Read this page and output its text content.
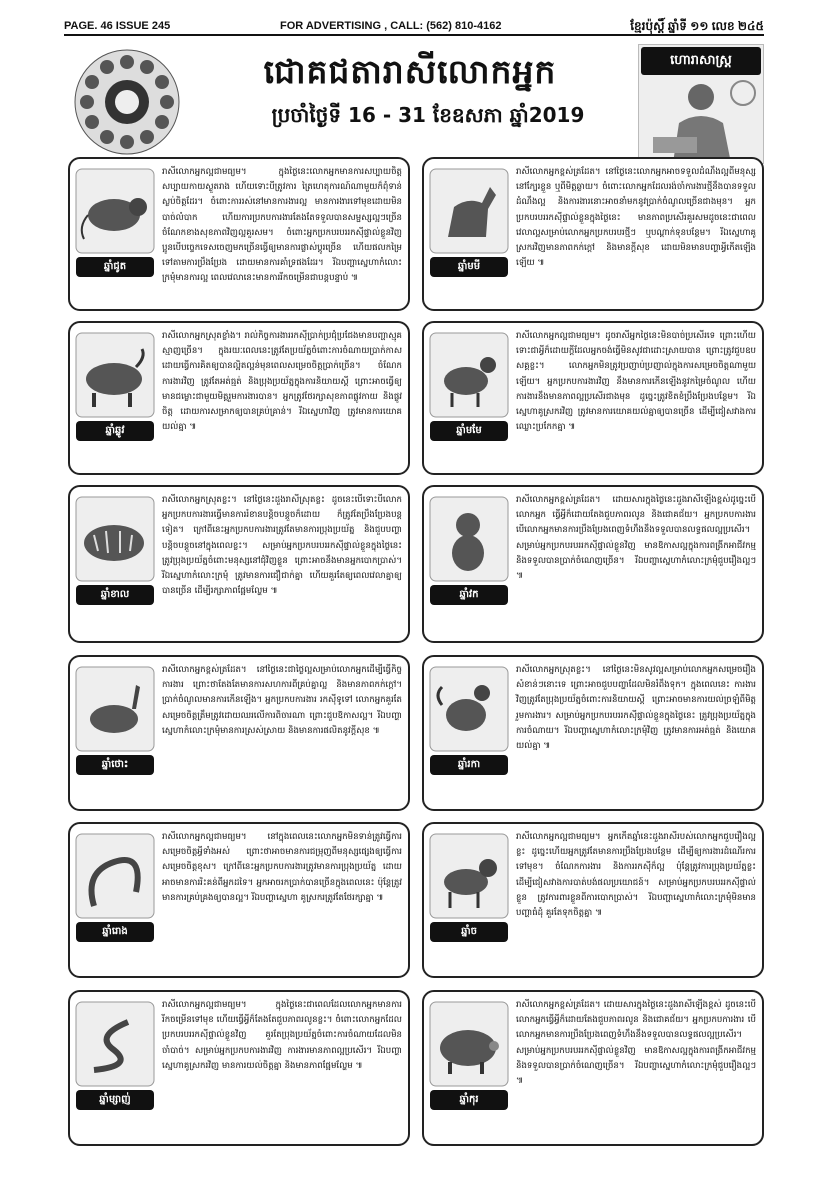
PAGE. 46 ISSUE 245	FOR ADVERTISING , CALL: (562) 810-4162	ខ្មែរប៉ុស្តិ៍ ឆ្នាំទី ១១ លេខ ២៤៥
ជោគជតារាសីលោកអ្នក
ប្រចាំថ្ងៃទី 16 - 31 ខែឧសភា ឆ្នាំ2019
ហោរាសាស្ត្រ
ឆ្នាំជូត
រាសីលោកអ្នកល្អជាមធ្យម។ ក្នុងថ្ងៃនេះលោកអ្នកមានការសប្បាយចិត្ត សប្បាយកាយស្ងួតរាង ហើយទោះបីត្រូវការ ត្រៃហេតុការណ៍ណាមួយក៏ពុំទាន់ស្ងប់ចិត្តដែរ។ ចំពោះការរស់នៅមានការងារល្អ មានការងារទៅមុខដោយមិនបាច់លំបាក ហើយការប្រកបការងារតែងតែទទួលបានសម្ផស្សល្អៗច្រើន ចំណែកខាងសុខភាពវិញល្អគួរសម។ ចំពោះអ្នកប្រកបរបររកស៊ីផ្ទាល់ខ្លួនវិញ ប្អូនបើបច្ចេកទេសចេញមកច្រើនធ្វើឲ្យមានការផ្លាស់ប្តូរច្រើន ហើយផលកម្រៃទៅតាមការប្រឹងប្រែង ដោយមានការគាំទ្រផងដែរ។ រីឯបញ្ហាស្នេហាកំលោះក្រមុំមានការល្អ ពេលវេលានេះមានការរីកចម្រើនជាបន្តបន្ទាប់ ៕
ឆ្នាំមមី
រាសីលោកអ្នកខ្ពស់ត្រដែត។ នៅថ្ងៃនេះលោកអ្នកអាចទទួលដំណឹងល្អពីមនុស្សនៅក្បែរខ្លួន ឬពីមិត្តឆ្ងាយ។ ចំពោះលោកអ្នកដែលរង់ចាំការងារថ្មីនឹងបានទទួលដំណឹងល្អ និងការងារនោះអាចនាំមកនូវប្រាក់ចំណូលច្រើនជាងមុន។ អ្នកប្រកបរបររកស៊ីផ្ទាល់ខ្លួនក្នុងថ្ងៃនេះ មានភាពប្រសើរគួរសមដូចនេះជាពេលវេលាល្អសម្រាប់លោកអ្នកប្រកបរបរថ្មីៗ ឬបណ្តាក់ទុនបន្ថែម។ រីឯស្នេហាគូស្រករវិញមានភាពកក់ក្តៅ និងមានក្តីសុខ ដោយមិនមានបញ្ហាអ្វីកើតឡើងឡើយ ៕
ឆ្នាំឆ្លូវ
រាសីលោកអ្នកស្រុតខ្លាំង។ រាល់កិច្ចការងាររកស៊ីប្រាក់ប្រជុំប្រជែងមានបញ្ហាស្មុគស្មាញច្រើន។ ក្នុងរយៈពេលនេះត្រូវតែប្រយ័ត្នចំពោះការចំណាយប្រាក់កាស ដោយធ្វើការគិតឲ្យបានល្អិតល្អន់មុនពេលសម្រេចចិត្តប្រាក់ច្រើន។ ចំណែកការងារវិញ ត្រូវតែអត់ធ្មត់ និងប្រុងប្រយ័ត្នក្នុងការនិយាយស្តី ព្រោះអាចធ្វើឲ្យមានជម្លោះជាមួយមិត្តរួមការងារបាន។ អ្នកត្រូវថែរក្សាសុខភាពផ្លូវកាយ និងផ្លូវចិត្ត ដោយការសម្រាកឲ្យបានគ្រប់គ្រាន់។ រីឯស្នេហាវិញ ត្រូវមានការយោគយល់គ្នា ៕	ឆ្នាំមមែ
រាសីលោកអ្នកល្អជាមធ្យម។ ដូចរាសីអ្នកថ្ងៃនេះមិនបាច់ប្រសើរទេ ព្រោះហើយទោះជាអ្វីក៏ដោយក្តីដែលអ្នកចង់ធ្វើមិនសូវជាដោះស្រាយបាន ព្រោះត្រូវជួបឧបសគ្គខ្លះ។ លោកអ្នកមិនត្រូវប្រញាប់ប្រញាល់ក្នុងការសម្រេចចិត្តណាមួយឡើយ។ អ្នកប្រកបការងារវិញ នឹងមានការកើនឡើងនូវកម្រៃចំណូល ហើយការងារនឹងមានភាពល្អប្រសើរជាងមុន ដូច្នេះត្រូវខិតខំប្រឹងប្រែងបន្ថែម។ រីឯស្នេហាគូស្រករវិញ ត្រូវមានការយោគយល់គ្នាឲ្យបានច្រើន ដើម្បីជៀសវាងការឈ្លោះប្រកែកគ្នា ៕
ឆ្នាំខាល
រាសីលោកអ្នកស្រុតខ្លះ។ នៅថ្ងៃនេះដួងរាសីស្រុតខ្លះ ដូចនេះបើទោះបីលោកអ្នកប្រកបការងារធ្វើមានការរំខានបន្តិចបន្តួចក៏ដោយ ក៏ត្រូវតែប្រឹងប្រែងបន្តទៀត។ ក្រៅពីនេះអ្នកប្រកបការងារត្រូវតែមានការប្រុងប្រយ័ត្ន និងជួបបញ្ហាបន្តិចបន្តួចនៅក្នុងពេលខ្លះ។ សម្រាប់អ្នកប្រកបរបររកស៊ីផ្ទាល់ខ្លួនក្នុងថ្ងៃនេះ ត្រូវប្រុងប្រយ័ត្នចំពោះមនុស្សនៅជុំវិញខ្លួន ព្រោះអាចនឹងមានអ្នកបោកប្រាស់។ រីឯស្នេហាកំលោះក្រមុំ ត្រូវមានការជឿជាក់គ្នា ហើយគួរតែឲ្យពេលវេលាគ្នាឲ្យបានច្រើន ដើម្បីរក្សាភាពផ្អែមល្ហែម ៕	ឆ្នាំវក
រាសីលោកអ្នកខ្ពស់ត្រដែត។ ដោយសារក្នុងថ្ងៃនេះដួងរាសីឡើងខ្ពស់ដូច្នេះបើលោកអ្នក ធ្វើអ្វីក៏ដោយតែងជួបភាពរលូន និងជោគជ័យ។ អ្នកប្រកបការងារ បើលោកអ្នកមានការប្រឹងប្រែងពេញទំហឹងនឹងទទួលបានលទ្ធផលល្អប្រសើរ។ សម្រាប់អ្នកប្រកបរបររកស៊ីផ្ទាល់ខ្លួនវិញ មានឱកាសល្អក្នុងការពង្រីកអាជីវកម្ម និងទទួលបានប្រាក់ចំណេញច្រើន។ រីឯបញ្ហាស្នេហាកំលោះក្រមុំជួបរឿងល្អៗ ៕
ឆ្នាំថោះ
រាសីលោកអ្នកខ្ពស់ត្រដែត។ នៅថ្ងៃនេះជាថ្ងៃល្អសម្រាប់លោកអ្នកដើម្បីធ្វើកិច្ចការងារ ព្រោះថាតែងតែមានការសហការពីគ្រប់គ្នាល្អ និងមានភាពកក់ក្តៅ។ ប្រាក់ចំណូលមានការកើនឡើង។ អ្នកប្រកបការងារ រកស៊ីទូទៅ លោកអ្នកគួរតែសម្រេចចិត្តត្រឹមត្រូវដោយឈរលើការពិចារណា ព្រោះជួបឱកាសល្អ។ រីឯបញ្ហាស្នេហាកំលោះក្រមុំមានការស្រស់ស្រាយ និងមានការផលិតនូវក្តីសុខ ៕
ឆ្នាំរកា
រាសីលោកអ្នកស្រុតខ្លះ។ នៅថ្ងៃនេះមិនសូវល្អសម្រាប់លោកអ្នកសម្រេចរឿងសំខាន់ៗនោះទេ ព្រោះអាចជួបបញ្ហាដែលមិនរំពឹងទុក។ ក្នុងពេលនេះ ការងារវិញត្រូវតែប្រុងប្រយ័ត្នចំពោះការនិយាយស្តី ព្រោះអាចមានការយល់ច្រឡំពីមិត្តរួមការងារ។ សម្រាប់អ្នកប្រកបរបររកស៊ីផ្ទាល់ខ្លួនក្នុងថ្ងៃនេះ ត្រូវប្រុងប្រយ័ត្នក្នុងការចំណាយ។ រីឯបញ្ហាស្នេហាកំលោះក្រមុំវិញ ត្រូវមានការអត់ធ្មត់ និងយោគយល់គ្នា ៕
ឆ្នាំរោង
រាសីលោកអ្នកល្អជាមធ្យម។ នៅក្នុងពេលនេះលោកអ្នកមិនទាន់ត្រូវធ្វើការសម្រេចចិត្តអ្វីទាំងអស់ ព្រោះថាអាចមានការជម្រុញពីមនុស្សផ្សេងឲ្យធ្វើការសម្រេចចិត្តខុស។ ក្រៅពីនេះអ្នកប្រកបការងារត្រូវមានការប្រុងប្រយ័ត្ន ដោយអាចមានការរិះគន់ពីអ្នកដទៃ។ អ្នកអាចរកប្រាក់បានច្រើនក្នុងពេលនេះ ប៉ុន្តែត្រូវមានការគ្រប់គ្រងឲ្យបានល្អ។ រីឯបញ្ហាស្នេហា គូស្រករត្រូវតែថែរក្សាគ្នា ៕
ឆ្នាំច
រាសីលោកអ្នកល្អជាមធ្យម។ អ្នកកើតឆ្នាំនេះដួងរាសីរបស់លោកអ្នកជួបរឿងល្អខ្លះ ដូច្នេះហើយអ្នកត្រូវតែមានការប្រឹងប្រែងបន្ថែម ដើម្បីឲ្យការងារដំណើរការទៅមុខ។ ចំណែកការងារ និងការរកស៊ីក៏ល្អ ប៉ុន្តែត្រូវការប្រុងប្រយ័ត្នខ្លះ ដើម្បីជៀសវាងការបាត់បង់ផលប្រយោជន៍។ សម្រាប់អ្នកប្រកបរបររកស៊ីផ្ទាល់ខ្លួន ត្រូវការពារខ្លួនពីការបោកប្រាស់។ រីឯបញ្ហាស្នេហាកំលោះក្រមុំមិនមានបញ្ហាធំដុំ គួរតែទុកចិត្តគ្នា ៕
ឆ្នាំម្សាញ់
រាសីលោកអ្នកល្អជាមធ្យម។ ក្នុងថ្ងៃនេះជាពេលដែលលោកអ្នកមានការរីកចម្រើនទៅមុខ ហើយធ្វើអ្វីក៏តែងតែជួបភាពរលូនខ្លះ។ ចំពោះលោកអ្នកដែលប្រកបរបររកស៊ីផ្ទាល់ខ្លួនវិញ គួរតែប្រុងប្រយ័ត្នចំពោះការចំណាយដែលមិនចាំបាច់។ សម្រាប់អ្នកប្រកបការងារវិញ ការងារមានភាពល្អប្រសើរ។ រីឯបញ្ហាស្នេហាគូស្រករវិញ មានការយល់ចិត្តគ្នា និងមានភាពផ្អែមល្ហែម ៕
ឆ្នាំកុរ
រាសីលោកអ្នកខ្ពស់ត្រដែត។ ដោយសារក្នុងថ្ងៃនេះដួងរាសីឡើងខ្ពស់ ដូចនេះបើលោកអ្នកធ្វើអ្វីក៏ដោយតែងជួបភាពរលូន និងជោគជ័យ។ អ្នកប្រកបការងារ បើលោកអ្នកមានការប្រឹងប្រែងពេញទំហឹងនឹងទទួលបានលទ្ធផលល្អប្រសើរ។ សម្រាប់អ្នកប្រកបរបររកស៊ីផ្ទាល់ខ្លួនវិញ មានឱកាសល្អក្នុងការពង្រីកអាជីវកម្ម និងទទួលបានប្រាក់ចំណេញច្រើន។ រីឯបញ្ហាស្នេហាកំលោះក្រមុំជួបរឿងល្អៗ ៕
